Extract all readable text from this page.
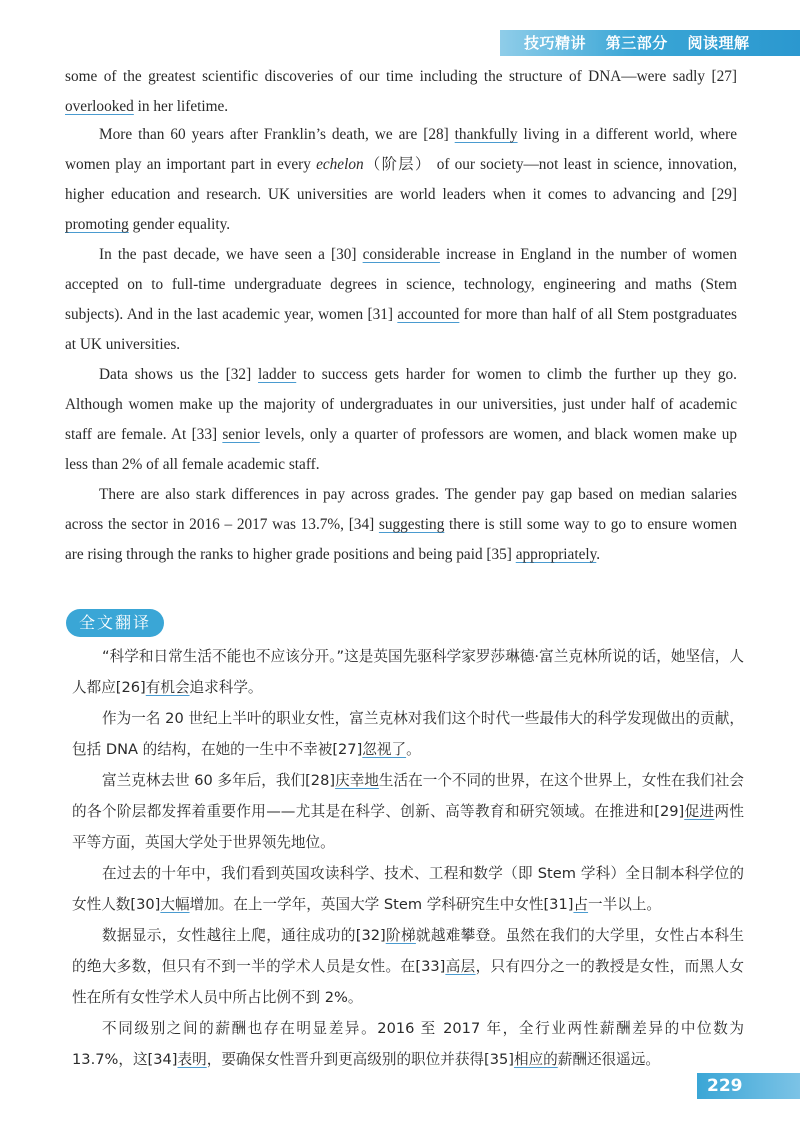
技巧精讲 第三部分 阅读理解

some of the greatest scientific discoveries of our time including the structure of DNA—were sadly [27] overlooked in her lifetime.

More than 60 years after Franklin’s death, we are [28] thankfully living in a different world, where women play an important part in every echelon（阶层） of our society—not least in science, innovation, higher education and research. UK universities are world leaders when it comes to advancing and [29] promoting gender equality.

In the past decade, we have seen a [30] considerable increase in England in the number of women accepted on to full-time undergraduate degrees in science, technology, engineering and maths (Stem subjects). And in the last academic year, women [31] accounted for more than half of all Stem postgraduates at UK universities.

Data shows us the [32] ladder to success gets harder for women to climb the further up they go. Although women make up the majority of undergraduates in our universities, just under half of academic staff are female. At [33] senior levels, only a quarter of professors are women, and black women make up less than 2% of all female academic staff.

There are also stark differences in pay across grades. The gender pay gap based on median salaries across the sector in 2016 – 2017 was 13.7%, [34] suggesting there is still some way to go to ensure women are rising through the ranks to higher grade positions and being paid [35] appropriately.

全文翻译

“科学和日常生活不能也不应该分开。”这是英国先驱科学家罗莎琳德·富兰克林所说的话，她坚信，人人都应[26]有机会追求科学。

作为一名 20 世纪上半叶的职业女性，富兰克林对我们这个时代一些最伟大的科学发现做出的贡献，包括 DNA 的结构，在她的一生中不幸被[27]忽视了。

富兰克林去世 60 多年后，我们[28]庆幸地生活在一个不同的世界，在这个世界上，女性在我们社会的各个阶层都发挥着重要作用——尤其是在科学、创新、高等教育和研究领域。在推进和[29]促进两性平等方面，英国大学处于世界领先地位。

在过去的十年中，我们看到英国攻读科学、技术、工程和数学（即 Stem 学科）全日制本科学位的女性人数[30]大幅增加。在上一学年，英国大学 Stem 学科研究生中女性[31]占一半以上。

数据显示，女性越往上爬，通往成功的[32]阶梯就越难攀登。虽然在我们的大学里，女性占本科生的绝大多数，但只有不到一半的学术人员是女性。在[33]高层，只有四分之一的教授是女性，而黑人女性在所有女性学术人员中所占比例不到 2%。

不同级别之间的薪酬也存在明显差异。2016 至 2017 年，全行业两性薪酬差异的中位数为 13.7%，这[34]表明，要确保女性晋升到更高级别的职位并获得[35]相应的薪酬还很遥远。

229
